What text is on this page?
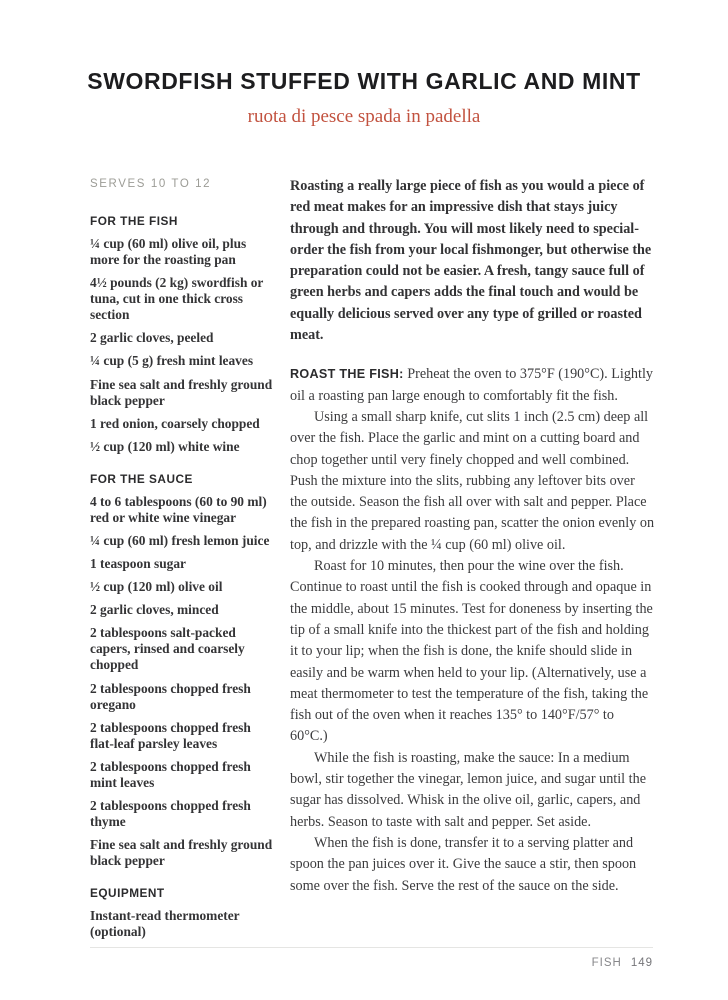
SWORDFISH STUFFED WITH GARLIC AND MINT

ruota di pesce spada in padella

SERVES 10 TO 12
FOR THE FISH

¼ cup (60 ml) olive oil, plus more for the roasting pan

4½ pounds (2 kg) swordfish or tuna, cut in one thick cross section

2 garlic cloves, peeled

¼ cup (5 g) fresh mint leaves

Fine sea salt and freshly ground black pepper

1 red onion, coarsely chopped

½ cup (120 ml) white wine

FOR THE SAUCE

4 to 6 tablespoons (60 to 90 ml) red or white wine vinegar

¼ cup (60 ml) fresh lemon juice

1 teaspoon sugar

½ cup (120 ml) olive oil

2 garlic cloves, minced

2 tablespoons salt-packed capers, rinsed and coarsely chopped

2 tablespoons chopped fresh oregano

2 tablespoons chopped fresh flat-leaf parsley leaves

2 tablespoons chopped fresh mint leaves

2 tablespoons chopped fresh thyme

Fine sea salt and freshly ground black pepper

EQUIPMENT

Instant-read thermometer (optional)

Roasting a really large piece of fish as you would a piece of red meat makes for an impressive dish that stays juicy through and through. You will most likely need to special-order the fish from your local fishmonger, but otherwise the preparation could not be easier. A fresh, tangy sauce full of green herbs and capers adds the final touch and would be equally delicious served over any type of grilled or roasted meat.

ROAST THE FISH: Preheat the oven to 375°F (190°C). Lightly oil a roasting pan large enough to comfortably fit the fish.

Using a small sharp knife, cut slits 1 inch (2.5 cm) deep all over the fish. Place the garlic and mint on a cutting board and chop together until very finely chopped and well combined. Push the mixture into the slits, rubbing any leftover bits over the outside. Season the fish all over with salt and pepper. Place the fish in the prepared roasting pan, scatter the onion evenly on top, and drizzle with the ¼ cup (60 ml) olive oil.

Roast for 10 minutes, then pour the wine over the fish. Continue to roast until the fish is cooked through and opaque in the middle, about 15 minutes. Test for doneness by inserting the tip of a small knife into the thickest part of the fish and holding it to your lip; when the fish is done, the knife should slide in easily and be warm when held to your lip. (Alternatively, use a meat thermometer to test the temperature of the fish, taking the fish out of the oven when it reaches 135° to 140°F/57° to 60°C.)

While the fish is roasting, make the sauce: In a medium bowl, stir together the vinegar, lemon juice, and sugar until the sugar has dissolved. Whisk in the olive oil, garlic, capers, and herbs. Season to taste with salt and pepper. Set aside.

When the fish is done, transfer it to a serving platter and spoon the pan juices over it. Give the sauce a stir, then spoon some over the fish. Serve the rest of the sauce on the side.

FISH 149
